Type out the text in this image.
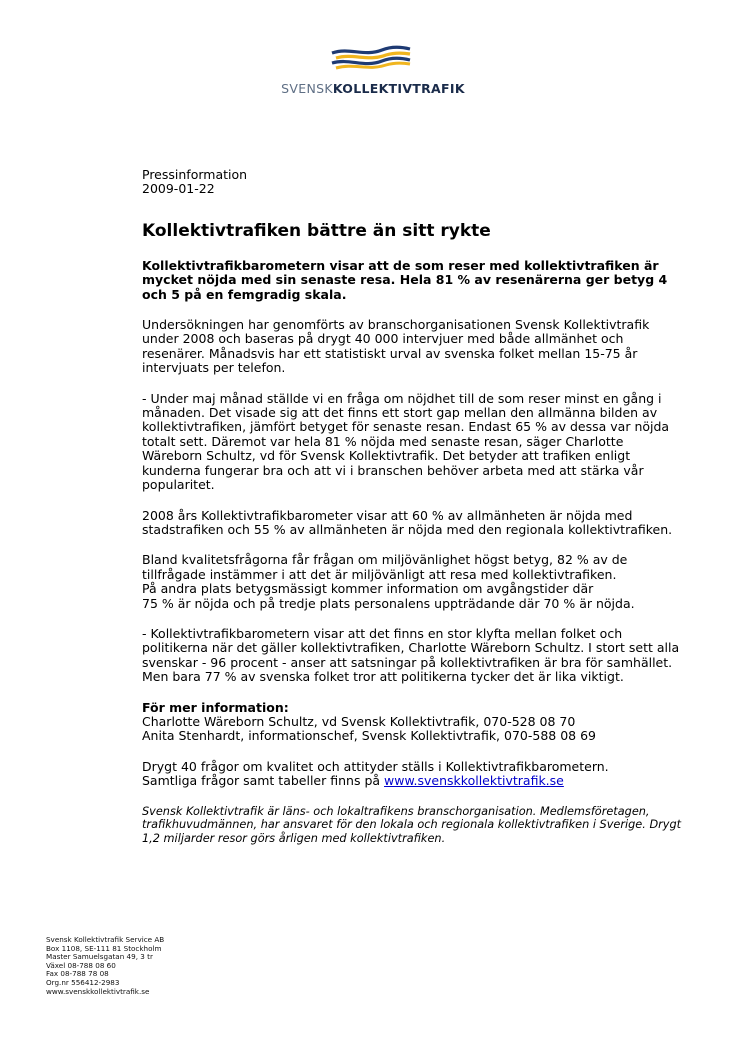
SVENSKKOLLEKTIVTRAFIK

Pressinformation
2009-01-22

Kollektivtrafiken bättre än sitt rykte

Kollektivtrafikbarometern visar att de som reser med kollektivtrafiken är mycket nöjda med sin senaste resa. Hela 81 % av resenärerna ger betyg 4 och 5 på en femgradig skala.

Undersökningen har genomförts av branschorganisationen Svensk Kollektivtrafik under 2008 och baseras på drygt 40 000 intervjuer med både allmänhet och resenärer. Månadsvis har ett statistiskt urval av svenska folket mellan 15-75 år intervjuats per telefon.

- Under maj månad ställde vi en fråga om nöjdhet till de som reser minst en gång i månaden. Det visade sig att det finns ett stort gap mellan den allmänna bilden av kollektivtrafiken, jämfört betyget för senaste resan. Endast 65 % av dessa var nöjda totalt sett. Däremot var hela 81 % nöjda med senaste resan, säger Charlotte Wäreborn Schultz, vd för Svensk Kollektivtrafik. Det betyder att trafiken enligt kunderna fungerar bra och att vi i branschen behöver arbeta med att stärka vår popularitet.

2008 års Kollektivtrafikbarometer visar att 60 % av allmänheten är nöjda med stadstrafiken och 55 % av allmänheten är nöjda med den regionala kollektivtrafiken.

Bland kvalitetsfrågorna får frågan om miljövänlighet högst betyg, 82 % av de tillfrågade instämmer i att det är miljövänligt att resa med kollektivtrafiken.
På andra plats betygsmässigt kommer information om avgångstider där
75 % är nöjda och på tredje plats personalens uppträdande där 70 % är nöjda.

- Kollektivtrafikbarometern visar att det finns en stor klyfta mellan folket och politikerna när det gäller kollektivtrafiken, Charlotte Wäreborn Schultz. I stort sett alla svenskar - 96 procent - anser att satsningar på kollektivtrafiken är bra för samhället. Men bara 77 % av svenska folket tror att politikerna tycker det är lika viktigt.

För mer information:
Charlotte Wäreborn Schultz, vd Svensk Kollektivtrafik, 070-528 08 70
Anita Stenhardt, informationschef, Svensk Kollektivtrafik, 070-588 08 69

Drygt 40 frågor om kvalitet och attityder ställs i Kollektivtrafikbarometern.
Samtliga frågor samt tabeller finns på www.svenskkollektivtrafik.se

Svensk Kollektivtrafik är läns- och lokaltrafikens branschorganisation. Medlemsföretagen, trafikhuvudmännen, har ansvaret för den lokala och regionala kollektivtrafiken i Sverige. Drygt 1,2 miljarder resor görs årligen med kollektivtrafiken.

Svensk Kollektivtrafik Service AB
Box 1108, SE-111 81 Stockholm
Master Samuelsgatan 49, 3 tr
Växel 08-788 08 60
Fax 08-788 78 08
Org.nr 556412-2983
www.svenskkollektivtrafik.se
